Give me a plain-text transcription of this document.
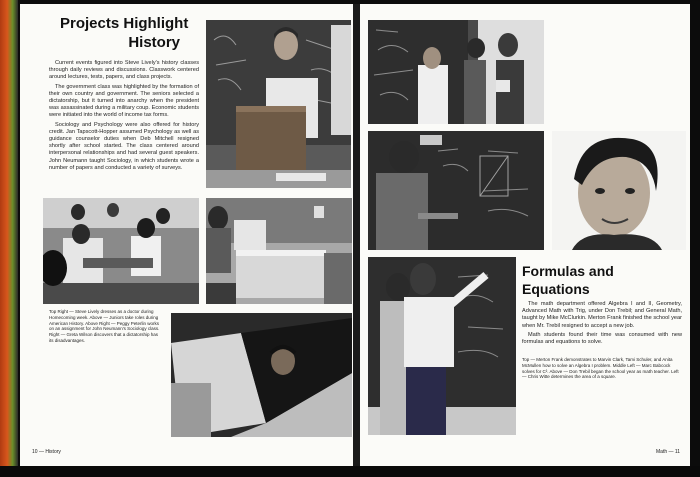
Projects Highlight
History

Current events figured into Steve Lively's history classes through daily reviews and discussions. Classwork centered around lectures, tests, papers, and class projects.

The government class was highlighted by the formation of their own country and government. The seniors selected a dictatorship, but it turned into anarchy when the president was assassinated during a military coup. Economic students were initiated into the world of income tax forms.

Sociology and Psychology were also offered for history credit. Jan Tapscott-Hopper assumed Psychology as well as guidance counselor duties when Deb Mitchell resigned shortly after school started. The class centered around interpersonal relationships and had several guest speakers. John Neumann taught Sociology, in which students wrote a number of papers and conducted a variety of surveys.

Top Right — Steve Lively dresses as a doctor during Homecoming week. Above — Juniors take roles during American History. Above Right — Peggy Peterlin works on an assignment for John Neumann's Sociology class. Right — Greta Wilson discovers that a dictatorship has its disadvantages.
10 — History
Formulas and
Equations

The math department offered Algebra I and II, Geometry, Advanced Math with Trig, under Don Trebil; and General Math, taught by Mike McClurkin. Merton Frank finished the school year when Mr. Trebil resigned to accept a new job.

Math students found their time was consumed with new formulas and equations to solve.

Top — Merton Frank demonstrates to Marvin Clark, Tami Schuler, and Anita McMullen how to solve an Algebra I problem. Middle Left — Marc Babcock solves for C². Above — Don Trebil began the school year as math teacher. Left — Chris Witte determines the area of a square.
Math — 11
